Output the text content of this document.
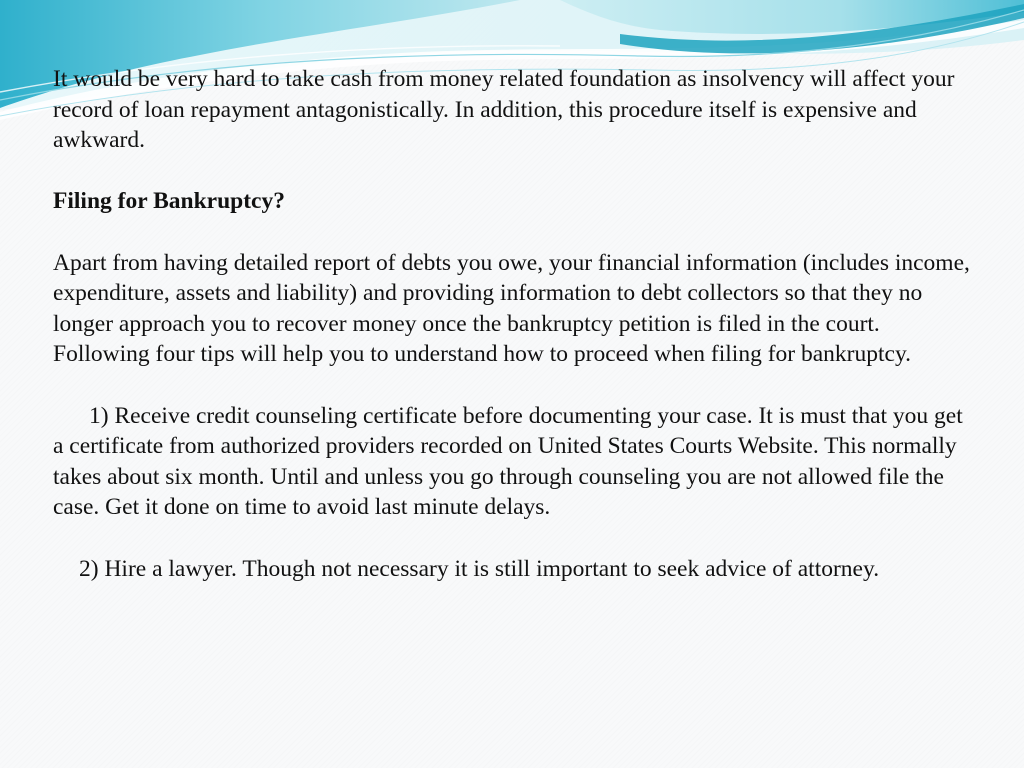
It would be very hard to take cash from money related foundation as insolvency will affect your record of loan repayment antagonistically. In addition, this procedure itself is expensive and awkward.

Filing for Bankruptcy?

Apart from having detailed report of debts you owe, your financial information (includes income, expenditure, assets and liability) and providing information to debt collectors so that they no longer approach you to recover money once the bankruptcy petition is filed in the court. Following four tips will help you to understand how to proceed when filing for bankruptcy.

1) Receive credit counseling certificate before documenting your case. It is must that you get a certificate from authorized providers recorded on United States Courts Website. This normally takes about six month. Until and unless you go through counseling you are not allowed file the case. Get it done on time to avoid last minute delays.

2) Hire a lawyer. Though not necessary it is still important to seek advice of attorney.
